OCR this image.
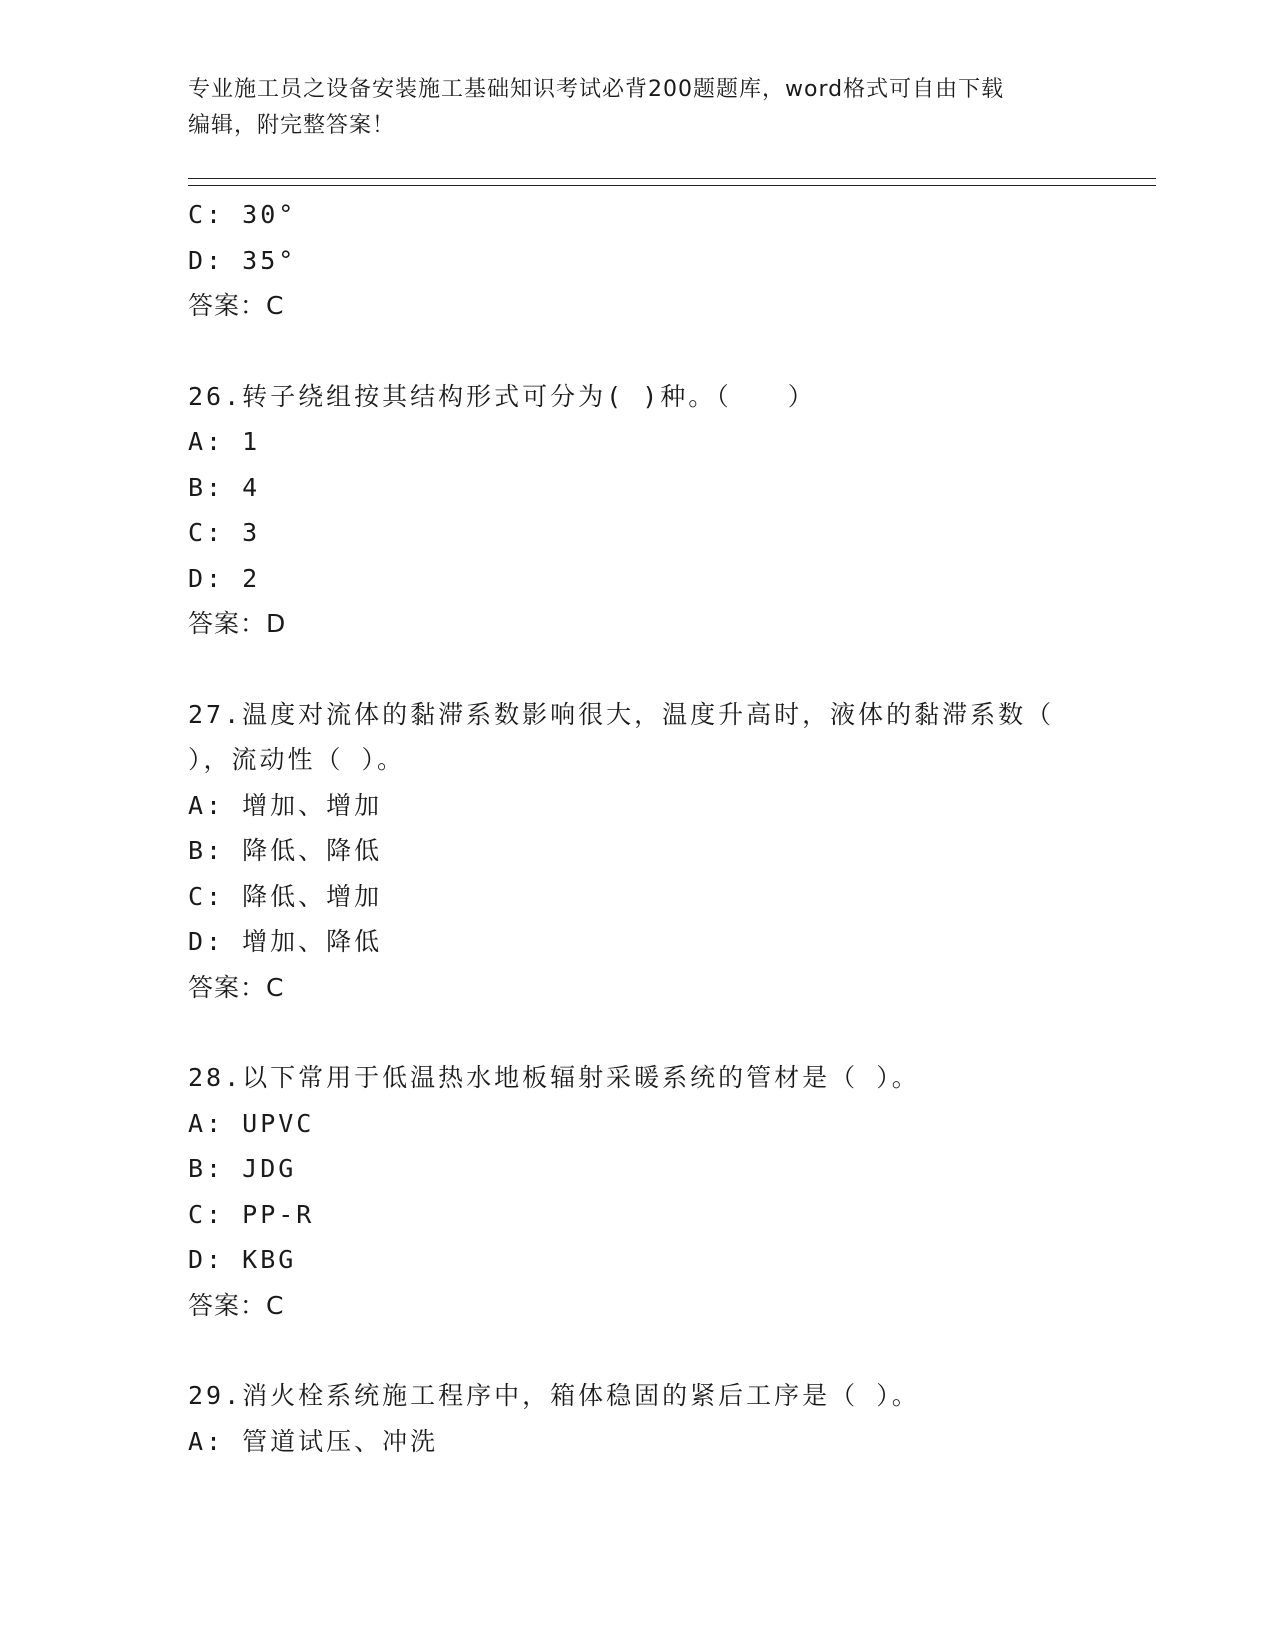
专业施工员之设备安装施工基础知识考试必背200题题库，word格式可自由下载
编辑，附完整答案！
C: 30°
D: 35°
答案：C
26.转子绕组按其结构形式可分为( )种。（　　）
A: 1
B: 4
C: 3
D: 2
答案：D
27.温度对流体的黏滞系数影响很大，温度升高时，液体的黏滞系数（
），流动性（ ）。
A: 增加、增加
B: 降低、降低
C: 降低、增加
D: 增加、降低
答案：C
28.以下常用于低温热水地板辐射采暖系统的管材是（ ）。
A: UPVC
B: JDG
C: PP-R
D: KBG
答案：C
29.消火栓系统施工程序中，箱体稳固的紧后工序是（ ）。
A: 管道试压、冲洗
